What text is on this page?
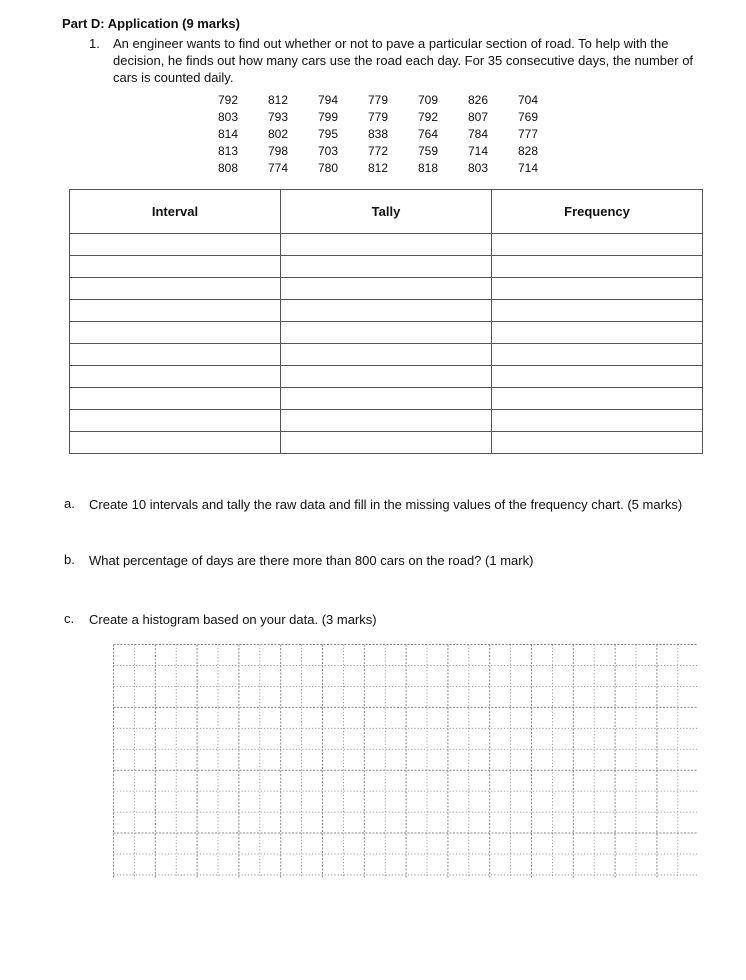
Part D: Application (9 marks)
1. An engineer wants to find out whether or not to pave a particular section of road. To help with the decision, he finds out how many cars use the road each day. For 35 consecutive days, the number of cars is counted daily.
792	812	794	779	709	826	704
803	793	799	779	792	807	769
814	802	795	838	764	784	777
813	798	703	772	759	714	828
808	774	780	812	818	803	714
Interval	Tally	Frequency

a. Create 10 intervals and tally the raw data and fill in the missing values of the frequency chart. (5 marks)
b. What percentage of days are there more than 800 cars on the road? (1 mark)
c. Create a histogram based on your data. (3 marks)
